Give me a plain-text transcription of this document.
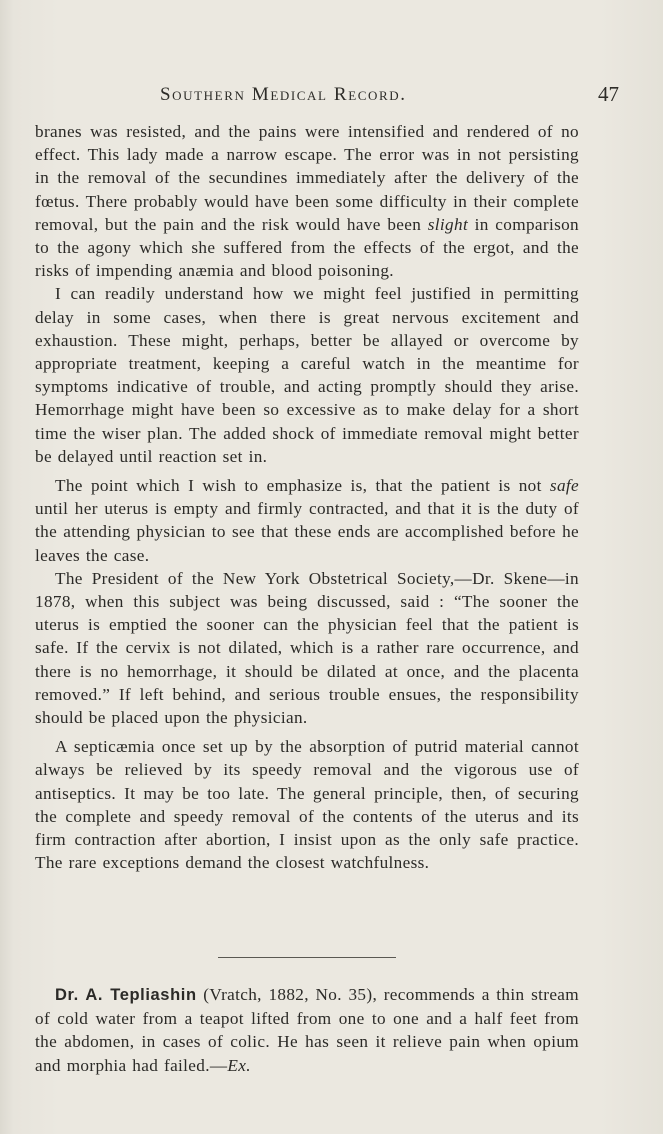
Southern Medical Record.	47

branes was resisted, and the pains were intensified and rendered of no effect. This lady made a narrow escape. The error was in not persisting in the removal of the secundines immediately after the delivery of the fœtus. There probably would have been some difficulty in their complete removal, but the pain and the risk would have been slight in comparison to the agony which she suffered from the effects of the ergot, and the risks of impending anæmia and blood poisoning.

I can readily understand how we might feel justified in permitting delay in some cases, when there is great nervous excitement and exhaustion. These might, perhaps, better be allayed or overcome by appropriate treatment, keeping a careful watch in the meantime for symptoms indicative of trouble, and acting promptly should they arise. Hemorrhage might have been so excessive as to make delay for a short time the wiser plan. The added shock of immediate removal might better be delayed until reaction set in.

The point which I wish to emphasize is, that the patient is not safe until her uterus is empty and firmly contracted, and that it is the duty of the attending physician to see that these ends are accomplished before he leaves the case.

The President of the New York Obstetrical Society,—Dr. Skene—in 1878, when this subject was being discussed, said : “The sooner the uterus is emptied the sooner can the physician feel that the patient is safe. If the cervix is not dilated, which is a rather rare occurrence, and there is no hemorrhage, it should be dilated at once, and the placenta removed.” If left behind, and serious trouble ensues, the responsibility should be placed upon the physician.

A septicæmia once set up by the absorption of putrid material cannot always be relieved by its speedy removal and the vigorous use of antiseptics. It may be too late. The general principle, then, of securing the complete and speedy removal of the contents of the uterus and its firm contraction after abortion, I insist upon as the only safe practice. The rare exceptions demand the closest watchfulness.

Dr. A. Tepliashin (Vratch, 1882, No. 35), recommends a thin stream of cold water from a teapot lifted from one to one and a half feet from the abdomen, in cases of colic. He has seen it relieve pain when opium and morphia had failed.—Ex.
